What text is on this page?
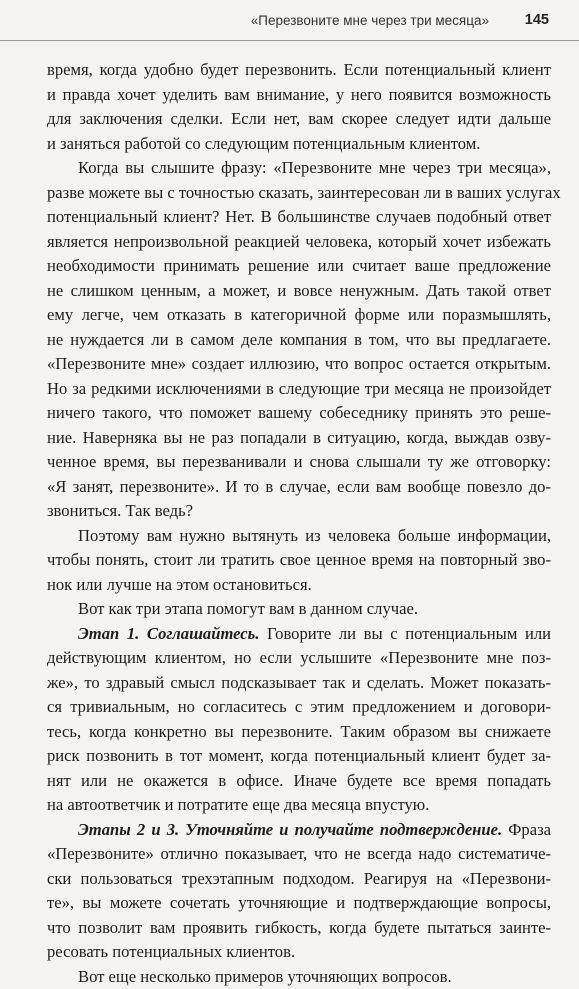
«Перезвоните мне через три месяца» 145
время, когда удобно будет перезвонить. Если потенциальный клиент
и правда хочет уделить вам внимание, у него появится возможность
для заключения сделки. Если нет, вам скорее следует идти дальше
и заняться работой со следующим потенциальным клиентом.
Когда вы слышите фразу: «Перезвоните мне через три месяца»,
разве можете вы с точностью сказать, заинтересован ли в ваших услугах
потенциальный клиент? Нет. В большинстве случаев подобный ответ
является непроизвольной реакцией человека, который хочет избежать
необходимости принимать решение или считает ваше предложение
не слишком ценным, а может, и вовсе ненужным. Дать такой ответ
ему легче, чем отказать в категоричной форме или поразмышлять,
не нуждается ли в самом деле компания в том, что вы предлагаете.
«Перезвоните мне» создает иллюзию, что вопрос остается открытым.
Но за редкими исключениями в следующие три месяца не произойдет
ничего такого, что поможет вашему собеседнику принять это реше-
ние. Наверняка вы не раз попадали в ситуацию, когда, выждав озву-
ченное время, вы перезванивали и снова слышали ту же отговорку:
«Я занят, перезвоните». И то в случае, если вам вообще повезло до-
звониться. Так ведь?
Поэтому вам нужно вытянуть из человека больше информации,
чтобы понять, стоит ли тратить свое ценное время на повторный зво-
нок или лучше на этом остановиться.
Вот как три этапа помогут вам в данном случае.
Этап 1. Соглашайтесь. Говорите ли вы с потенциальным или
действующим клиентом, но если услышите «Перезвоните мне поз-
же», то здравый смысл подсказывает так и сделать. Может показать-
ся тривиальным, но согласитесь с этим предложением и договори-
тесь, когда конкретно вы перезвоните. Таким образом вы снижаете
риск позвонить в тот момент, когда потенциальный клиент будет за-
нят или не окажется в офисе. Иначе будете все время попадать
на автоответчик и потратите еще два месяца впустую.
Этапы 2 и 3. Уточняйте и получайте подтверждение. Фраза
«Перезвоните» отлично показывает, что не всегда надо систематиче-
ски пользоваться трехэтапным подходом. Реагируя на «Перезвони-
те», вы можете сочетать уточняющие и подтверждающие вопросы,
что позволит вам проявить гибкость, когда будете пытаться заинте-
ресовать потенциальных клиентов.
Вот еще несколько примеров уточняющих вопросов.
